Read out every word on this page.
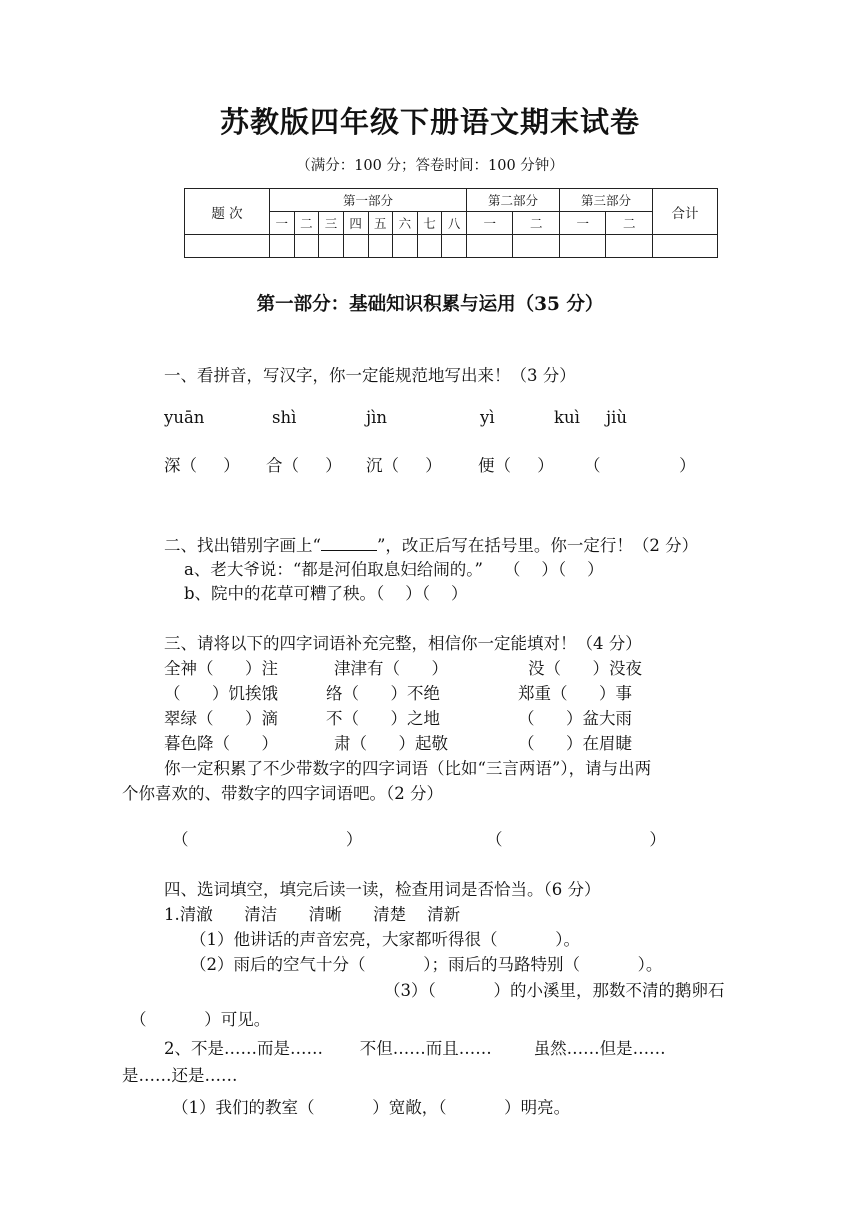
苏教版四年级下册语文期末试卷
（满分：100 分；答卷时间：100 分钟）
题 次	第一部分								第二部分		第三部分		合计
	一	二	三	四	五	六	七	八	一	二	一	二	

第一部分：基础知识积累与运用（35 分）
一、看拼音，写汉字，你一定能规范地写出来！（3 分）
yuān	shì	jìn	yì	kuì jiù
深（     ） 合（     ） 沉（     ） 便（     ） （               ）
二、找出错别字画上“	”，改正后写在括号里。你一定行！（2 分）
a、老大爷说：“都是河伯取息妇给闹的。”    （    ）（    ）
b、院中的花草可糟了秧。（    ）（    ）
三、请将以下的四字词语补充完整，相信你一定能填对！（4 分）
全神（      ）注	津津有（      ）	没（      ）没夜
（      ）饥挨饿	络（      ）不绝	郑重（      ）事
翠绿（      ）滴	不（      ）之地	（      ）盆大雨
暮色降（      ）	肃（      ）起敬	（      ）在眉睫
你一定积累了不少带数字的四字词语（比如“三言两语”），请与出两
个你喜欢的、带数字的四字词语吧。（2 分）
（                              ）	（                            ）
四、选词填空，填完后读一读，检查用词是否恰当。（6 分）
1.清澈      清洁      清晰      清楚    清新
（1）他讲话的声音宏亮，大家都听得很（           ）。
（2）雨后的空气十分（           ）；雨后的马路特别（           ）。
（3）（           ）的小溪里，那数不清的鹅卵石
（           ）可见。
2、不是……而是……       不但……而且……        虽然……但是……
是……还是……
（1）我们的教室（           ）宽敞，（           ）明亮。
